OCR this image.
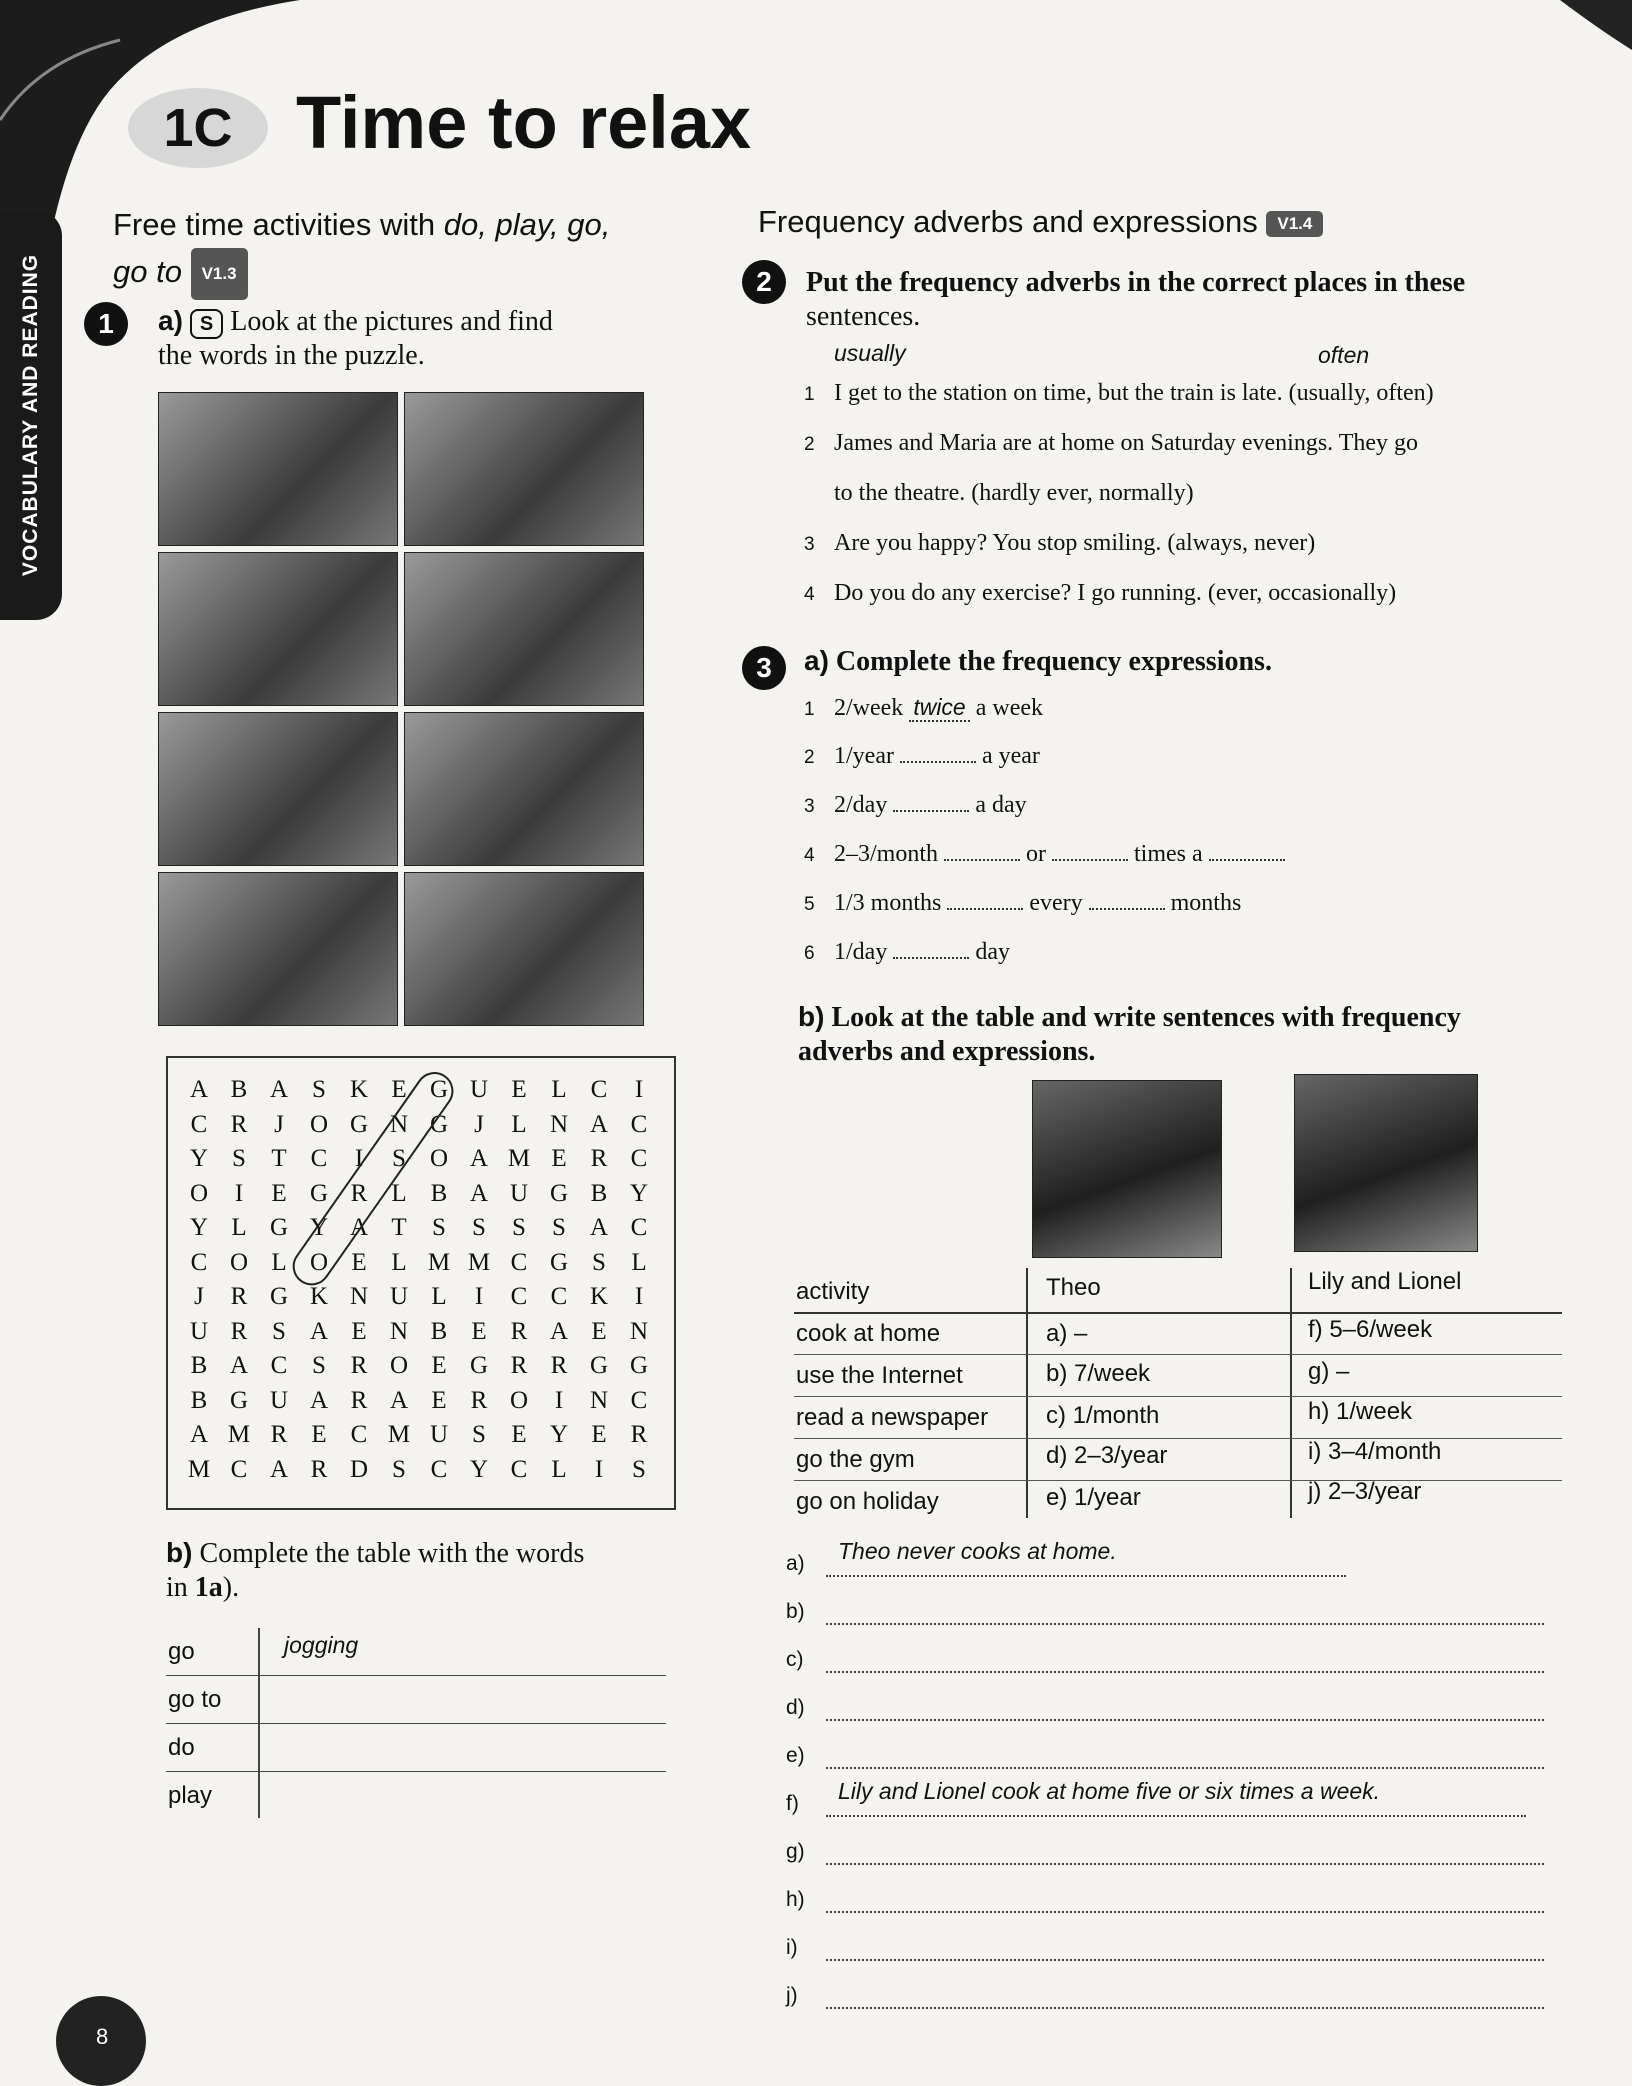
VOCABULARY AND READING
1C Time to relax
Free time activities with do, play, go,
go to V1.3
1	a) S Look at the pictures and find
the words in the puzzle.
A B A S K E G U E L C	I
C R	J	O G N G	J	L N A C
Y S	T C	I	S O A M E R C
O	I	E G R L B A U G B Y
Y L G Y A T	S	S	S	S A C
C O L O E L M M C G S	L
J	R G K N U L	I	C C K	I
U R S A E N B E R A E N
B A C S R O E G R R G G
B G U A R A E R O	I	N C
A M R E C M U S	E Y E R
M C A R D S C Y C L	I	S
b) Complete the table with the words
in 1a).
go	jogging
go to
do
play
8
Frequency adverbs and expressions V1.4
2	Put the frequency adverbs in the correct places in these
sentences.
usually	often
1 I get to the station on time, but the train is late. (usually, often)
2 James and Maria are at home on Saturday evenings. They go
to the theatre. (hardly ever, normally)
3 Are you happy? You stop smiling. (always, never)
4 Do you do any exercise? I go running. (ever, occasionally)
3	a) Complete the frequency expressions.
1 2/week twice a week
2 1/year	a year
3 2/day	a day
4 2–3/month	or	times a
5 1/3 months	every	months
6 1/day	day
b) Look at the table and write sentences with frequency
adverbs and expressions.
activity	Theo	Lily and Lionel
cook at home	a) –	f) 5–6/week
use the Internet	b) 7/week	g) –
read a newspaper c) 1/month	h) 1/week
go the gym	d) 2–3/year	i) 3–4/month
go on holiday	e) 1/year	j) 2–3/year
a) Theo never cooks at home.
b)
c)
d)
e)
f) Lily and Lionel cook at home five or six times a week.
g)
h)
i)
j)
